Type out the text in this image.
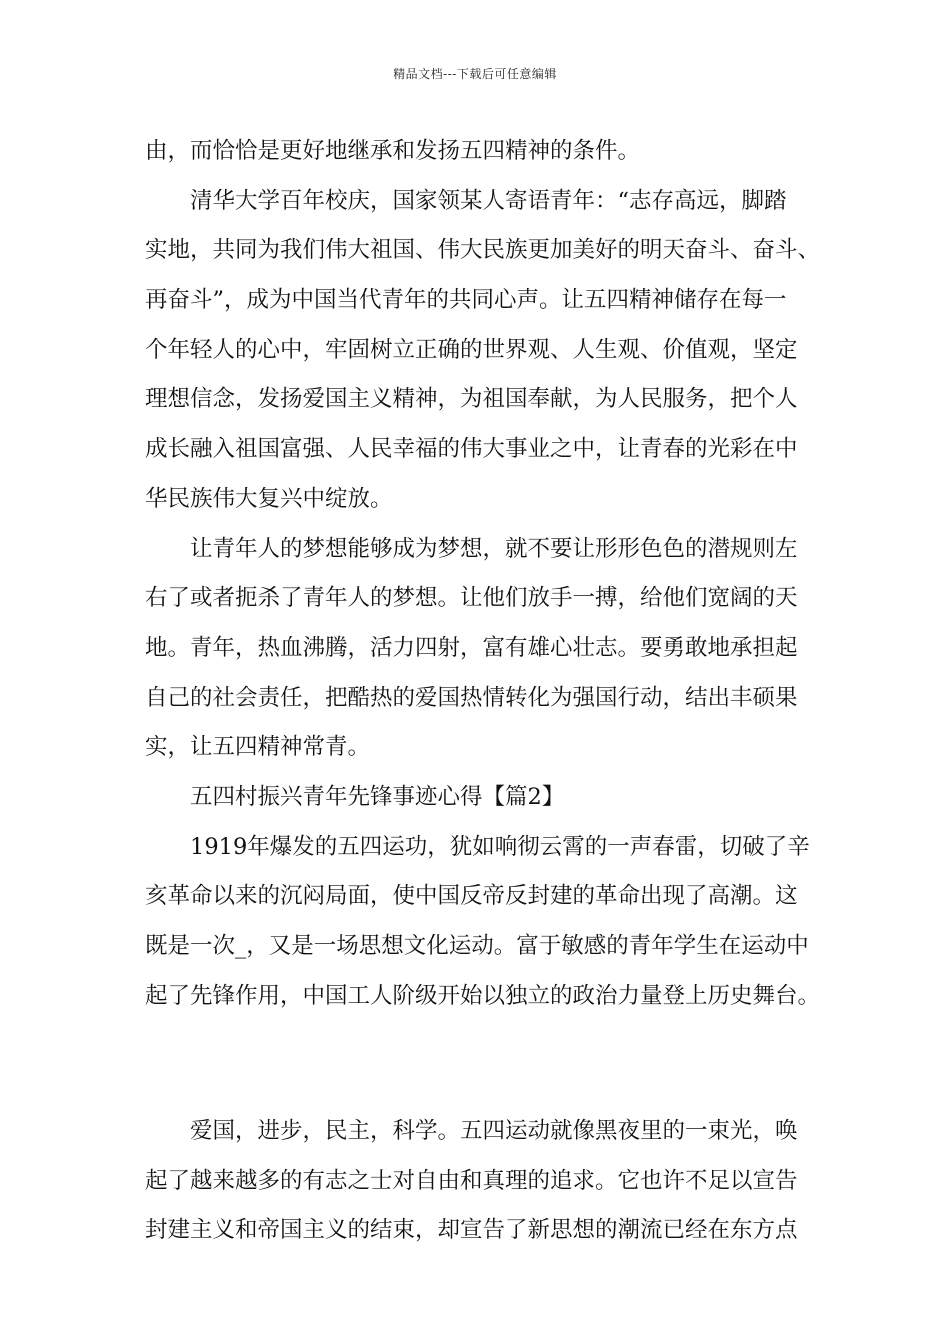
精品文档---下载后可任意编辑
由，而恰恰是更好地继承和发扬五四精神的条件。
清华大学百年校庆，国家领某人寄语青年：“志存高远，脚踏
实地，共同为我们伟大祖国、伟大民族更加美好的明天奋斗、奋斗、
再奋斗”，成为中国当代青年的共同心声。让五四精神储存在每一
个年轻人的心中，牢固树立正确的世界观、人生观、价值观，坚定
理想信念，发扬爱国主义精神，为祖国奉献，为人民服务，把个人
成长融入祖国富强、人民幸福的伟大事业之中，让青春的光彩在中
华民族伟大复兴中绽放。
让青年人的梦想能够成为梦想，就不要让形形色色的潜规则左
右了或者扼杀了青年人的梦想。让他们放手一搏，给他们宽阔的天
地。青年，热血沸腾，活力四射，富有雄心壮志。要勇敢地承担起
自己的社会责任，把酷热的爱国热情转化为强国行动，结出丰硕果
实，让五四精神常青。
五四村振兴青年先锋事迹心得【篇2】
1919年爆发的五四运功，犹如响彻云霄的一声春雷，切破了辛
亥革命以来的沉闷局面，使中国反帝反封建的革命出现了高潮。这
既是一次_，又是一场思想文化运动。富于敏感的青年学生在运动中
起了先锋作用，中国工人阶级开始以独立的政治力量登上历史舞台。
爱国，进步，民主，科学。五四运动就像黑夜里的一束光，唤
起了越来越多的有志之士对自由和真理的追求。它也许不足以宣告
封建主义和帝国主义的结束，却宣告了新思想的潮流已经在东方点
